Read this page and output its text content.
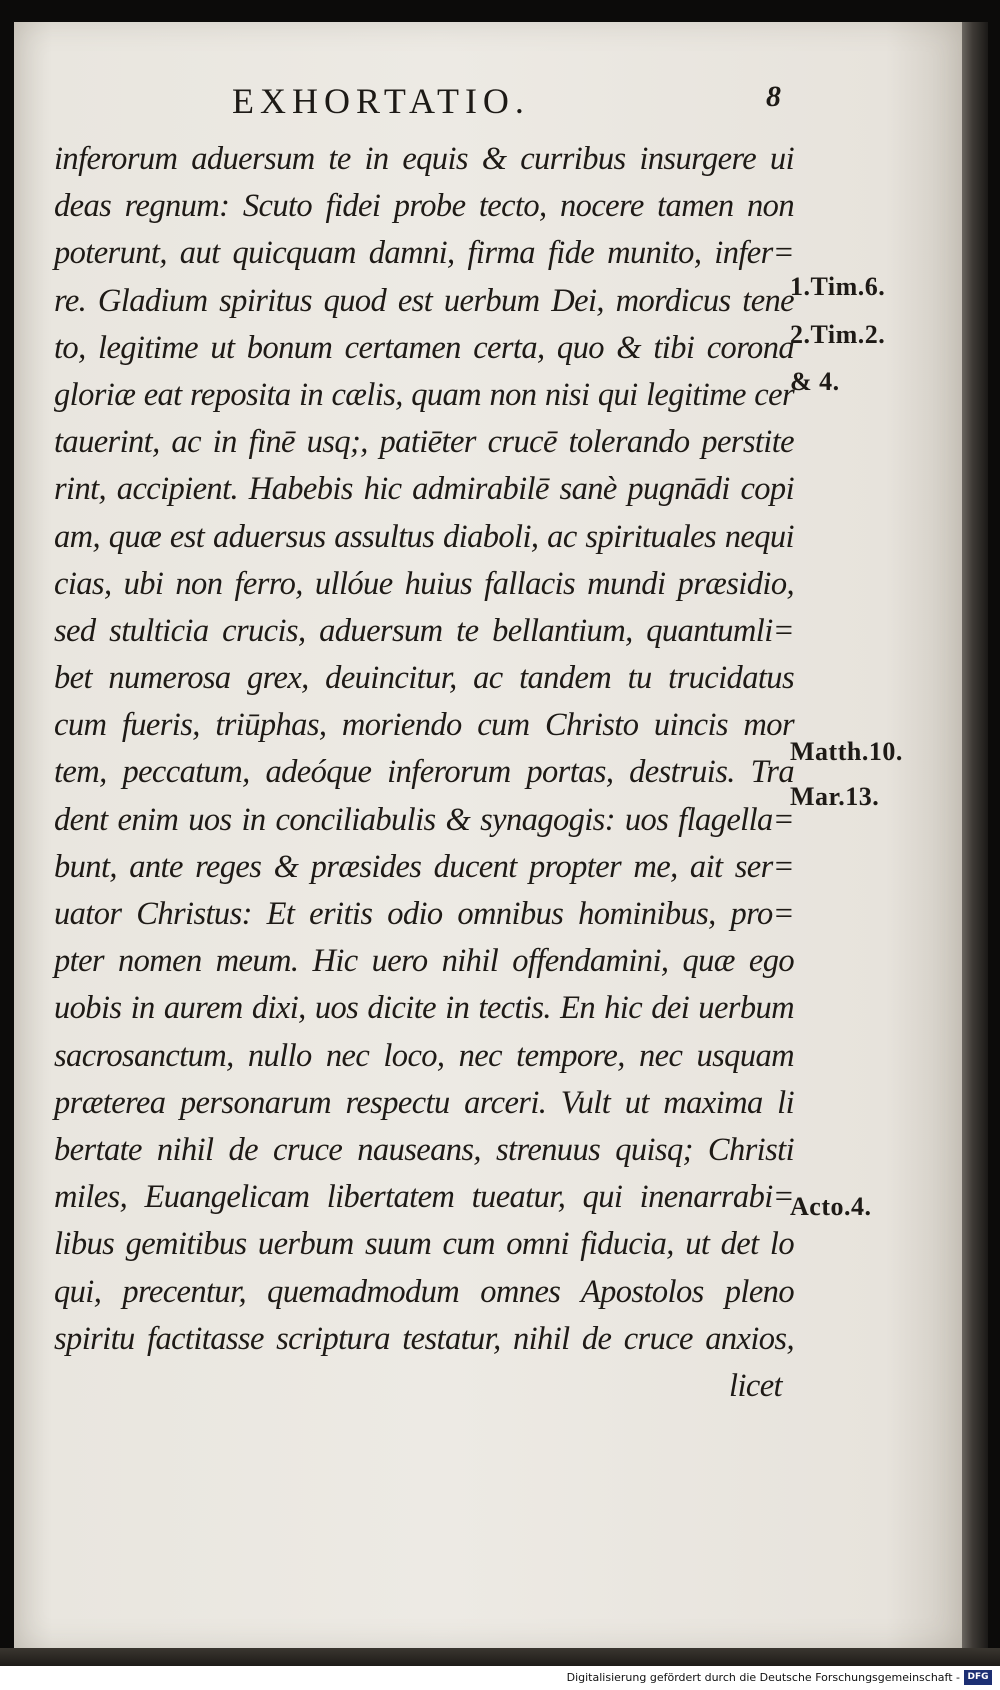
EXHORTATIO.	8
inferorum aduersum te in equis & curribus insurgere ui
deas regnum: Scuto fidei probe tecto, nocere tamen non
poterunt, aut quicquam damni, firma fide munito, infer=
re. Gladium spiritus quod est uerbum Dei, mordicus tene
to, legitime ut bonum certamen certa, quo & tibi corona
gloriæ eat reposita in cælis, quam non nisi qui legitime cer
tauerint, ac in finē usq;, patiēter crucē tolerando perstite
rint, accipient. Habebis hic admirabilē sanè pugnādi copi
am, quæ est aduersus assultus diaboli, ac spirituales nequi
cias, ubi non ferro, ullóue huius fallacis mundi præsidio,
sed stulticia crucis, aduersum te bellantium, quantumli=
bet numerosa grex, deuincitur, ac tandem tu trucidatus
cum fueris, triūphas, moriendo cum Christo uincis mor
tem, peccatum, adeóque inferorum portas, destruis. Tra
dent enim uos in conciliabulis & synagogis: uos flagella=
bunt, ante reges & præsides ducent propter me, ait ser=
uator Christus: Et eritis odio omnibus hominibus, pro=
pter nomen meum. Hic uero nihil offendamini, quæ ego
uobis in aurem dixi, uos dicite in tectis. En hic dei uerbum
sacrosanctum, nullo nec loco, nec tempore, nec usquam
præterea personarum respectu arceri. Vult ut maxima li
bertate nihil de cruce nauseans, strenuus quisq; Christi
miles, Euangelicam libertatem tueatur, qui inenarrabi=
libus gemitibus uerbum suum cum omni fiducia, ut det lo
qui, precentur, quemadmodum omnes Apostolos pleno
spiritu factitasse scriptura testatur, nihil de cruce anxios,
licet
1.Tim.6.
2.Tim.2.
& 4.
Matth.10.
Mar.13.
Acto.4.
Digitalisierung gefördert durch die Deutsche Forschungsgemeinschaft - DFG
